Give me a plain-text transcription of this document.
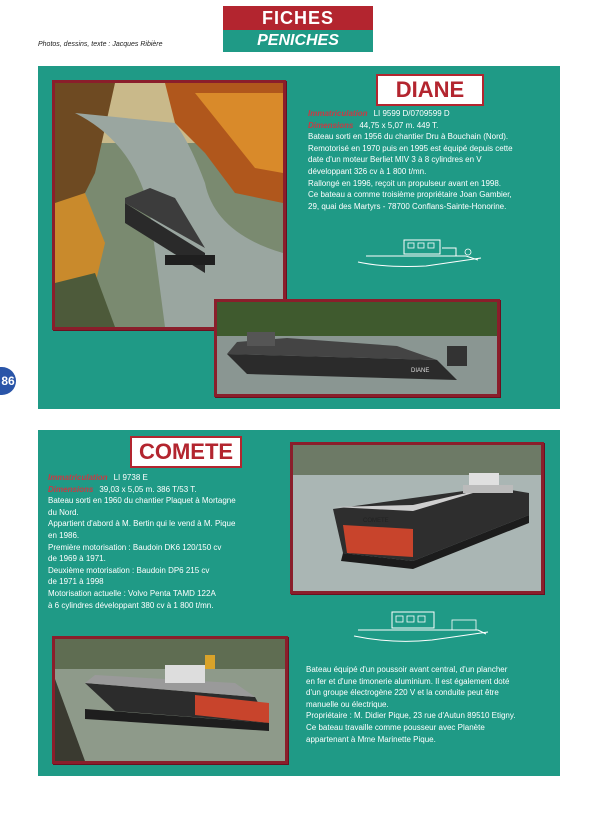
FICHES
PENICHES
Photos, dessins, texte : Jacques Ribière
86
DIANE
DIANE

Immatriculation LI 9599 D/0709599 D

Dimensions 44,75 x 5,07 m. 449 T.

Bateau sorti en 1956 du chantier Dru à Bouchain (Nord).

Remotorisé en 1970 puis en 1995 est équipé depuis cette

date d'un moteur Berliet MIV 3 à 8 cylindres en V

développant 326 cv à 1 800 t/mn.

Rallongé en 1996, reçoit un propulseur avant en 1998.

Ce bateau a comme troisième propriétaire Joan Gambier,

29, quai des Martyrs - 78700 Conflans-Sainte-Honorine.

COMETE

Immatriculation LI 9738 E

Dimensions 39,03 x 5,05 m. 386 T/53 T.

Bateau sorti en 1960 du chantier Plaquet à Mortagne

du Nord.

Appartient d'abord à M. Bertin qui le vend à M. Pique

en 1986.

Première motorisation : Baudoin DK6 120/150 cv

de 1969 à 1971.

Deuxième motorisation : Baudoin DP6 215 cv

de 1971 à 1998

Motorisation actuelle : Volvo Penta TAMD 122A

à 6 cylindres développant 380 cv à 1 800 t/mn.

COMETE

Bateau équipé d'un poussoir avant central, d'un plancher

en fer et d'une timonerie aluminium. Il est également doté

d'un groupe électrogène 220 V et la conduite peut être

manuelle ou électrique.

Propriétaire : M. Didier Pique, 23 rue d'Autun 89510 Etigny.

Ce bateau travaille comme pousseur avec Planète

appartenant à Mme Marinette Pique.
